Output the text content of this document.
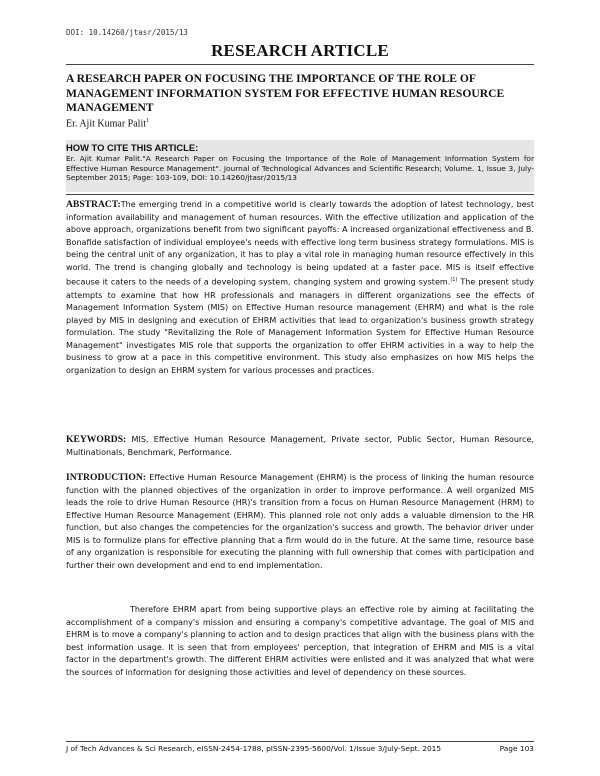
DOI: 10.14260/jtasr/2015/13
RESEARCH ARTICLE
A RESEARCH PAPER ON FOCUSING THE IMPORTANCE OF THE ROLE OF MANAGEMENT INFORMATION SYSTEM FOR EFFECTIVE HUMAN RESOURCE MANAGEMENT
Er. Ajit Kumar Palit$^1$
HOW TO CITE THIS ARTICLE:

Er. Ajit Kumar Palit."A Research Paper on Focusing the Importance of the Role of Management Information System for Effective Human Resource Management". Journal of Technological Advances and Scientific Research; Volume. 1, Issue 3, July-September 2015; Page: 103-109, DOI: 10.14260/jtasr/2015/13

ABSTRACT:The emerging trend in a competitive world is clearly towards the adoption of latest technology, best information availability and management of human resources. With the effective utilization and application of the above approach, organizations benefit from two significant payoffs: A increased organizational effectiveness and B. Bonafide satisfaction of individual employee's needs with effective long term business strategy formulations. MIS is being the central unit of any organization, it has to play a vital role in managing human resource effectively in this world. The trend is changing globally and technology is being updated at a faster pace. MIS is itself effective because it caters to the needs of a developing system, changing system and growing system.$^{(1)}$ The present study attempts to examine that how HR professionals and managers in different organizations see the effects of Management Information System (MIS) on Effective Human resource management (EHRM) and what is the role played by MIS in designing and execution of EHRM activities that lead to organization's business growth strategy formulation. The study "Revitalizing the Role of Management Information System for Effective Human Resource Management" investigates MIS role that supports the organization to offer EHRM activities in a way to help the business to grow at a pace in this competitive environment. This study also emphasizes on how MIS helps the organization to design an EHRM system for various processes and practices.

KEYWORDS: MIS, Effective Human Resource Management, Private sector, Public Sector, Human Resource, Multinationals, Benchmark, Performance.

INTRODUCTION: Effective Human Resource Management (EHRM) is the process of linking the human resource function with the planned objectives of the organization in order to improve performance. A well organized MIS leads the role to drive Human Resource (HR)'s transition from a focus on Human Resource Management (HRM) to Effective Human Resource Management (EHRM). This planned role not only adds a valuable dimension to the HR function, but also changes the competencies for the organization's success and growth. The behavior driver under MIS is to formulize plans for effective planning that a firm would do in the future. At the same time, resource base of any organization is responsible for executing the planning with full ownership that comes with participation and further their own development and end to end implementation.

Therefore EHRM apart from being supportive plays an effective role by aiming at facilitating the accomplishment of a company's mission and ensuring a company's competitive advantage. The goal of MIS and EHRM is to move a company's planning to action and to design practices that align with the business plans with the best information usage. It is seen that from employees' perception, that integration of EHRM and MIS is a vital factor in the department's growth. The different EHRM activities were enlisted and it was analyzed that what were the sources of information for designing those activities and level of dependency on these sources.

J of Tech Advances & Sci Research, eISSN-2454-1788, pISSN-2395-5600/Vol. 1/Issue 3/July-Sept. 2015	Page 103
